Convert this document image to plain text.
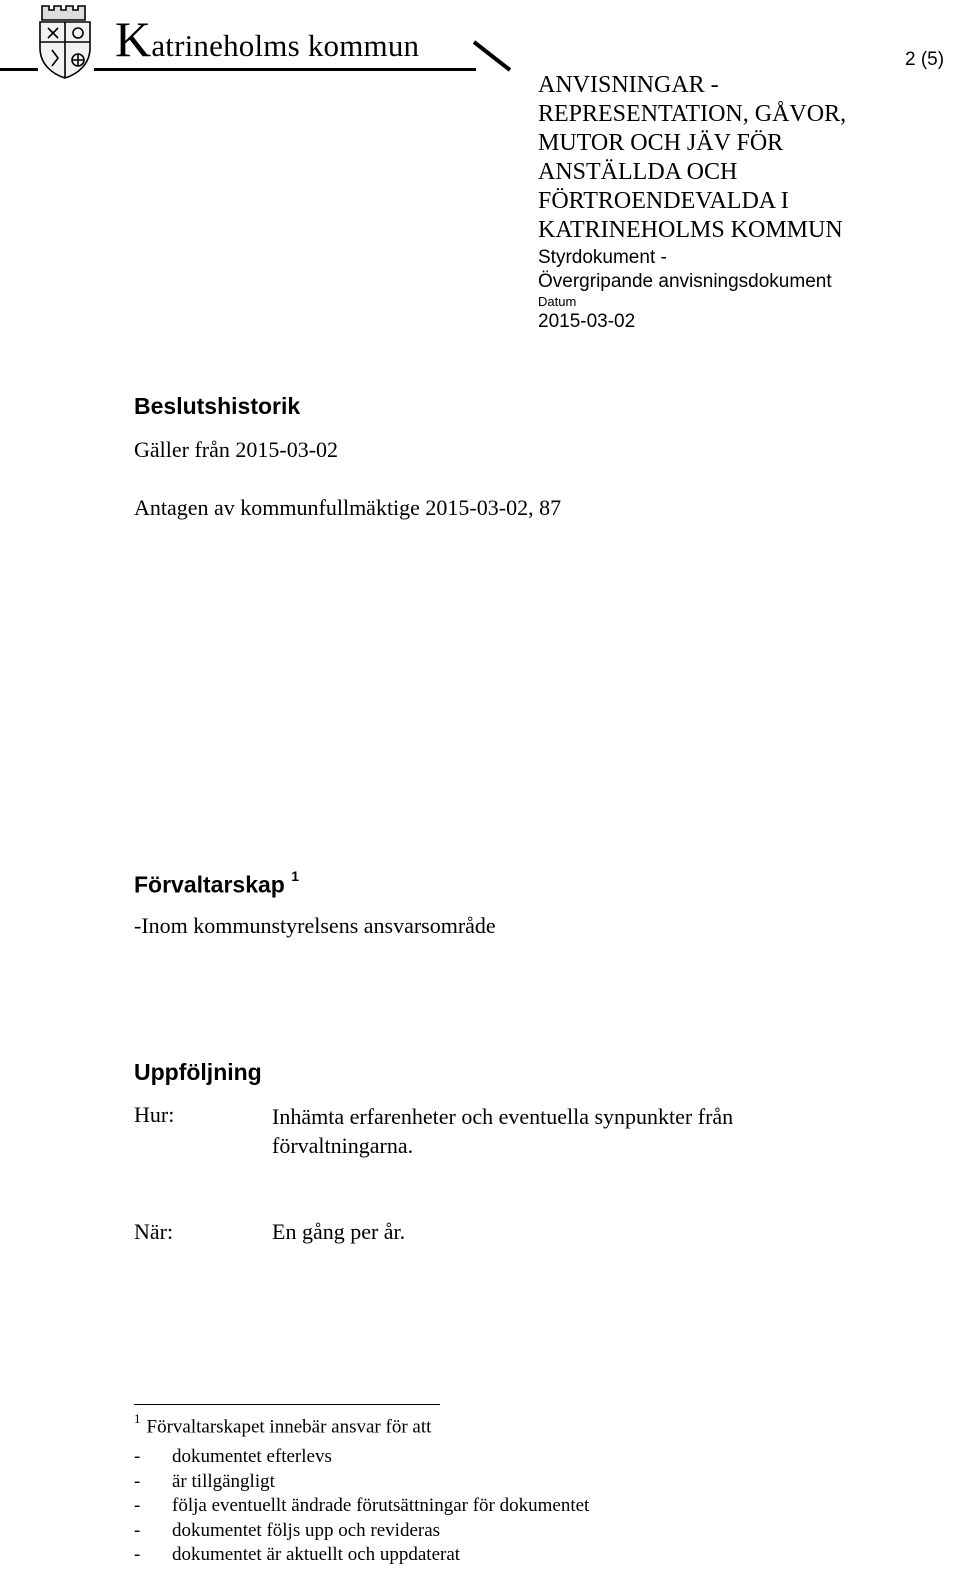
Katrineholms kommun	2 (5)
ANVISNINGAR -
REPRESENTATION, GÅVOR,
MUTOR OCH JÄV FÖR
ANSTÄLLDA OCH
FÖRTROENDEVALDA I
KATRINEHOLMS KOMMUN
Styrdokument -
Övergripande anvisningsdokument
Datum
2015-03-02
Beslutshistorik
Gäller från 2015-03-02
Antagen av kommunfullmäktige 2015-03-02, 87
Förvaltarskap $^1$
-Inom kommunstyrelsens ansvarsområde
Uppföljning
Hur:	Inhämta erfarenheter och eventuella synpunkter från förvaltningarna.
När:	En gång per år.
$^1$ Förvaltarskapet innebär ansvar för att
- dokumentet efterlevs
- är tillgängligt
- följa eventuellt ändrade förutsättningar för dokumentet
- dokumentet följs upp och revideras
- dokumentet är aktuellt och uppdaterat
